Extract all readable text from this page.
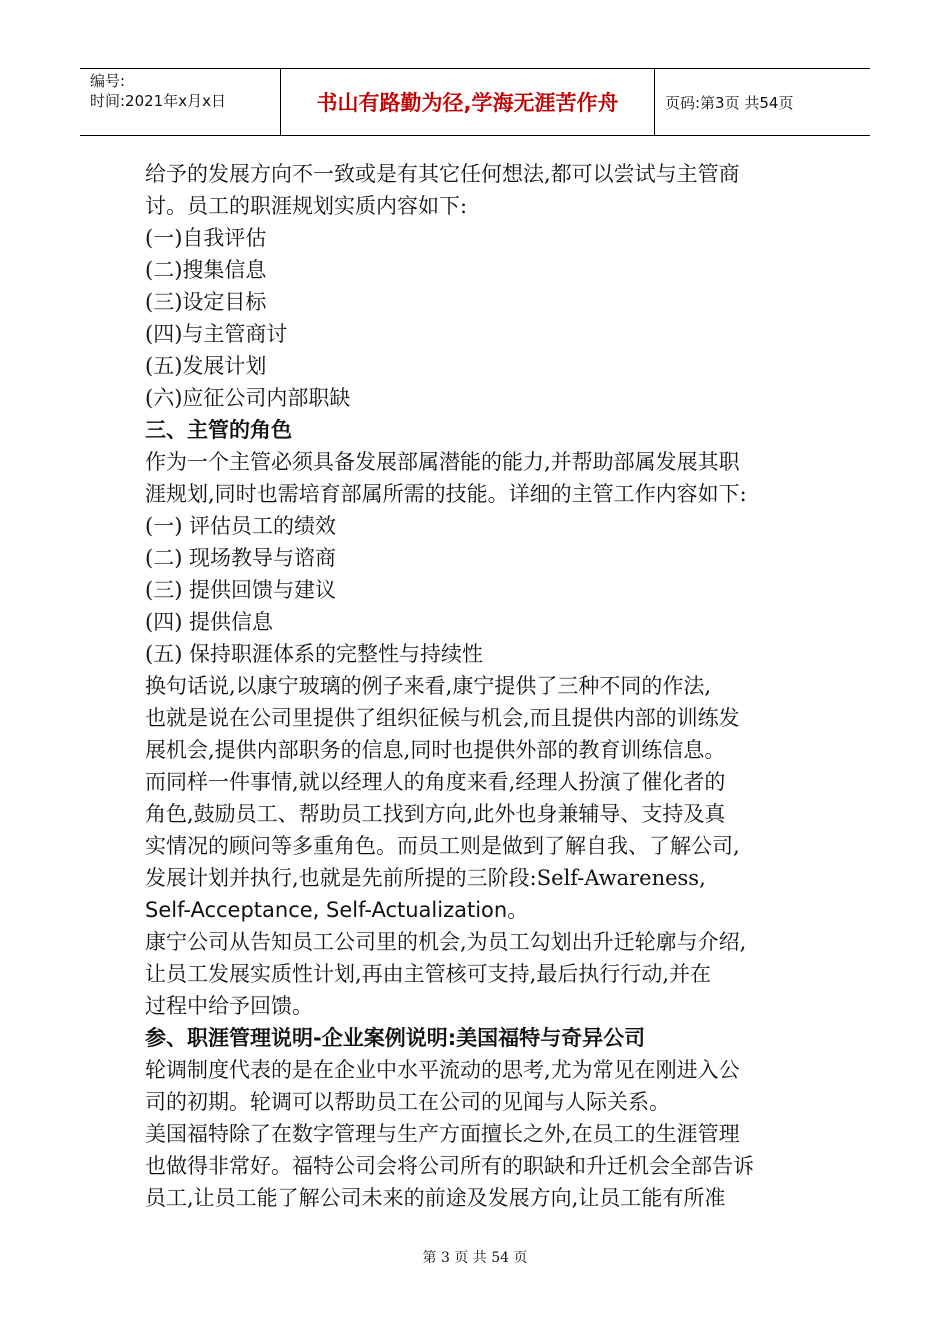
编号:
时间:2021年x月x日	书山有路勤为径,学海无涯苦作舟	页码:第3页 共54页

给予的发展方向不一致或是有其它任何想法,都可以尝试与主管商

讨。员工的职涯规划实质内容如下:

(一)自我评估

(二)搜集信息

(三)设定目标

(四)与主管商讨

(五)发展计划

(六)应征公司内部职缺

三、主管的角色

作为一个主管必须具备发展部属潜能的能力,并帮助部属发展其职

涯规划,同时也需培育部属所需的技能。详细的主管工作内容如下:

(一) 评估员工的绩效

(二) 现场教导与谘商

(三) 提供回馈与建议

(四) 提供信息

(五) 保持职涯体系的完整性与持续性

换句话说,以康宁玻璃的例子来看,康宁提供了三种不同的作法,

也就是说在公司里提供了组织征候与机会,而且提供内部的训练发

展机会,提供内部职务的信息,同时也提供外部的教育训练信息。

而同样一件事情,就以经理人的角度来看,经理人扮演了催化者的

角色,鼓励员工、帮助员工找到方向,此外也身兼辅导、支持及真

实情况的顾问等多重角色。而员工则是做到了解自我、了解公司,

发展计划并执行,也就是先前所提的三阶段:Self-Awareness,

Self-Acceptance, Self-Actualization。

康宁公司从告知员工公司里的机会,为员工勾划出升迁轮廓与介绍,

让员工发展实质性计划,再由主管核可支持,最后执行行动,并在

过程中给予回馈。

参、职涯管理说明-企业案例说明:美国福特与奇异公司

轮调制度代表的是在企业中水平流动的思考,尤为常见在刚进入公

司的初期。轮调可以帮助员工在公司的见闻与人际关系。

美国福特除了在数字管理与生产方面擅长之外,在员工的生涯管理

也做得非常好。福特公司会将公司所有的职缺和升迁机会全部告诉

员工,让员工能了解公司未来的前途及发展方向,让员工能有所准

第 3 页 共 54 页
